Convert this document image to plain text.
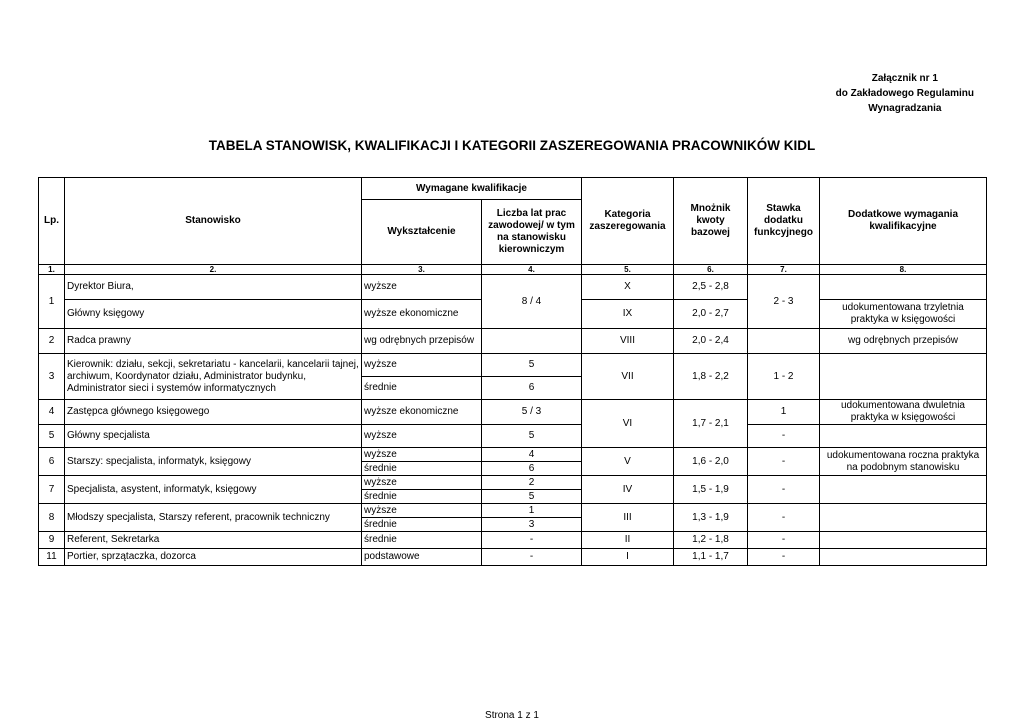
Załącznik nr 1
do Zakładowego Regulaminu
Wynagradzania
TABELA STANOWISK, KWALIFIKACJI I KATEGORII ZASZEREGOWANIA PRACOWNIKÓW KIDL
Lp.	Stanowisko	Wymagane kwalifikacje		Kategoria zaszeregowania	Mnożnik kwoty bazowej	Stawka dodatku funkcyjnego	Dodatkowe wymagania kwalifikacyjne
		Wykształcenie	Liczba lat prac zawodowej/ w tym na stanowisku kierowniczym				
1.	2.	3.	4.	5.	6.	7.	8.
1	Dyrektor Biura,	wyższe	8 / 4	X	2,5 - 2,8	2 - 3	
	Główny księgowy	wyższe ekonomiczne		IX	2,0 - 2,7		udokumentowana trzyletnia praktyka w księgowości
2	Radca prawny	wg odrębnych przepisów		VIII	2,0 - 2,4		wg odrębnych przepisów
3	Kierownik: działu, sekcji, sekretariatu - kancelarii, kancelarii tajnej, archiwum, Koordynator działu, Administrator budynku, Administrator sieci i systemów informatycznych	wyższe	5	VII	1,8 - 2,2	1 - 2	
		średnie	6				
4	Zastępca głównego księgowego	wyższe ekonomiczne	5 / 3	VI	1,7 - 2,1	1	udokumentowana dwuletnia praktyka w księgowości
5	Główny specjalista	wyższe	5			-	
6	Starszy: specjalista, informatyk, księgowy	wyższe	4	V	1,6 - 2,0	-	udokumentowana roczna praktyka na podobnym stanowisku
		średnie	6				
7	Specjalista, asystent, informatyk, księgowy	wyższe	2	IV	1,5 - 1,9	-	
		średnie	5				
8	Młodszy specjalista, Starszy referent, pracownik techniczny	wyższe	1	III	1,3 - 1,9	-	
		średnie	3				
9	Referent, Sekretarka	średnie	-	II	1,2 - 1,8	-	
11	Portier, sprzątaczka, dozorca	podstawowe	-	I	1,1 - 1,7	-	
Strona 1 z 1
